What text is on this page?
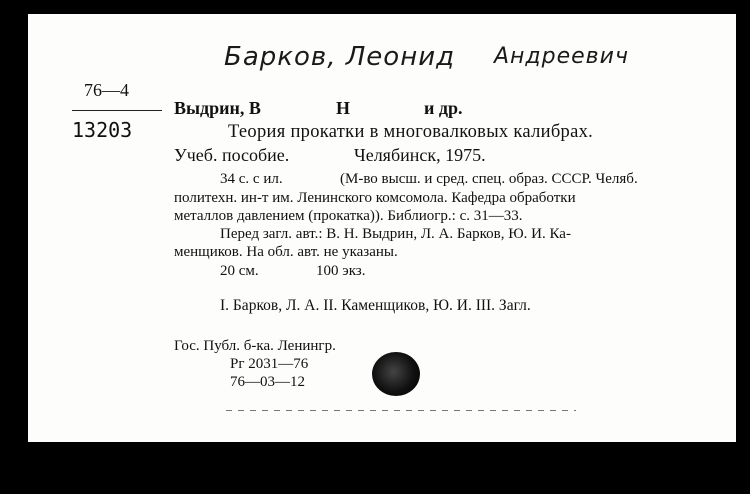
Барков, Леонид Андреевич
76—4
13203
Выдрин, В	Н	и др.
Теория прокатки в многовалковых калибрах.
Учеб. пособие.	Челябинск, 1975.
34 с. с ил.	(М-во высш. и сред. спец. образ. СССР. Челяб.
политехн. ин-т им. Ленинского комсомола. Кафедра обработки
металлов давлением (прокатка)). Библиогр.: с. 31—33.
Перед загл. авт.: В. Н. Выдрин, Л. А. Барков, Ю. И. Ка-
менщиков. На обл. авт. не указаны.
20 см.	100 экз.
I. Барков, Л. А. II. Каменщиков, Ю. И. III. Загл.
Гос. Публ. б-ка. Ленингр.
Рг 2031—76
76—03—12
